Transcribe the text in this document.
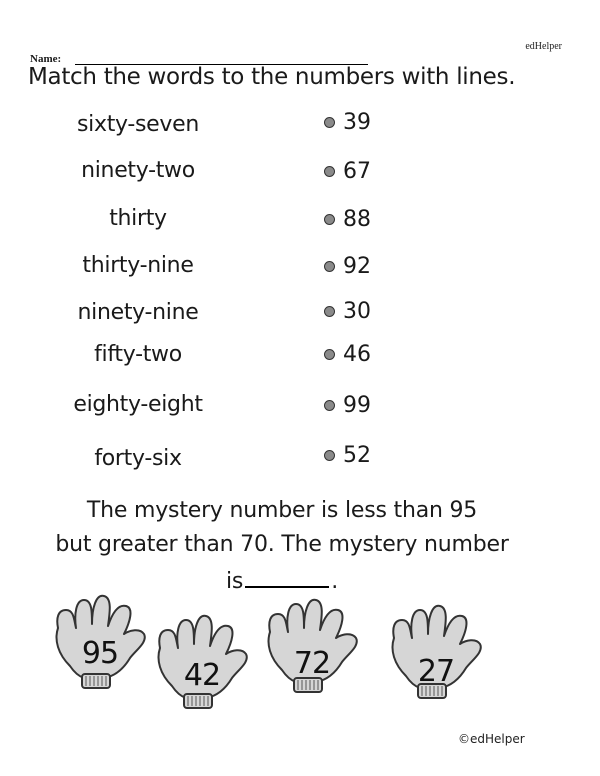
edHelper
Name:
Match the words to the numbers with lines.
sixty-seven
ninety-two
thirty
thirty-nine
ninety-nine
fifty-two
eighty-eight
forty-six
39
67
88
92
30
46
99
52
The mystery number is less than 95
but greater than 70. The mystery number
is	.
95
42	72	27
©edHelper
